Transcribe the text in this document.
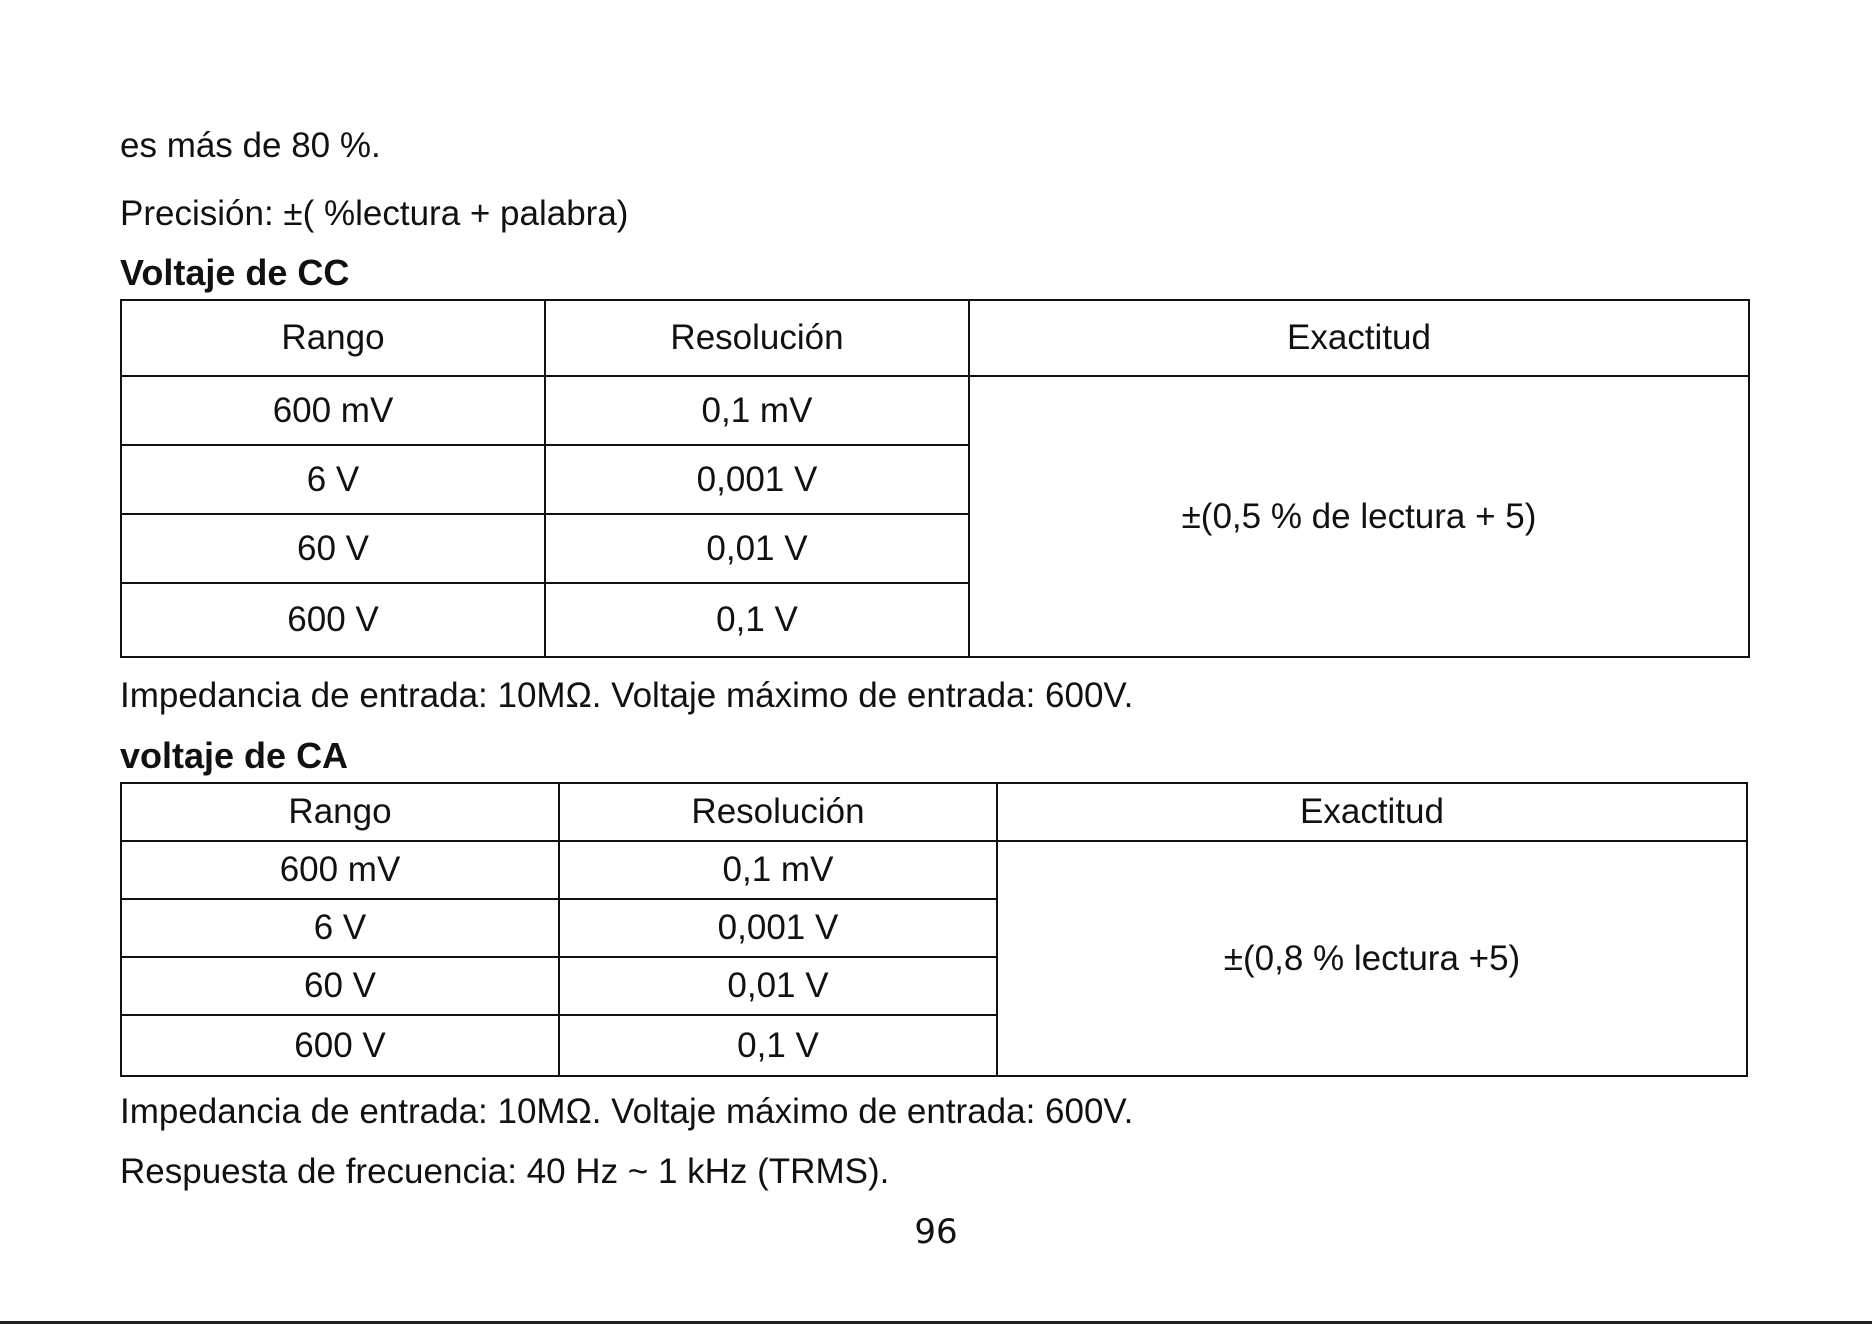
es más de 80 %.
Precisión: ±( %lectura + palabra)
Voltaje de CC
Rango	Resolución	Exactitud
600 mV	0,1 mV	±(0,5 % de lectura + 5)
6 V	0,001 V	
60 V	0,01 V	
600 V	0,1 V	
Impedancia de entrada: 10MΩ. Voltaje máximo de entrada: 600V.
voltaje de CA
Rango	Resolución	Exactitud
600 mV	0,1 mV	±(0,8 % lectura +5)
6 V	0,001 V	
60 V	0,01 V	
600 V	0,1 V	
Impedancia de entrada: 10MΩ. Voltaje máximo de entrada: 600V.
Respuesta de frecuencia: 40 Hz ~ 1 kHz (TRMS).
96
